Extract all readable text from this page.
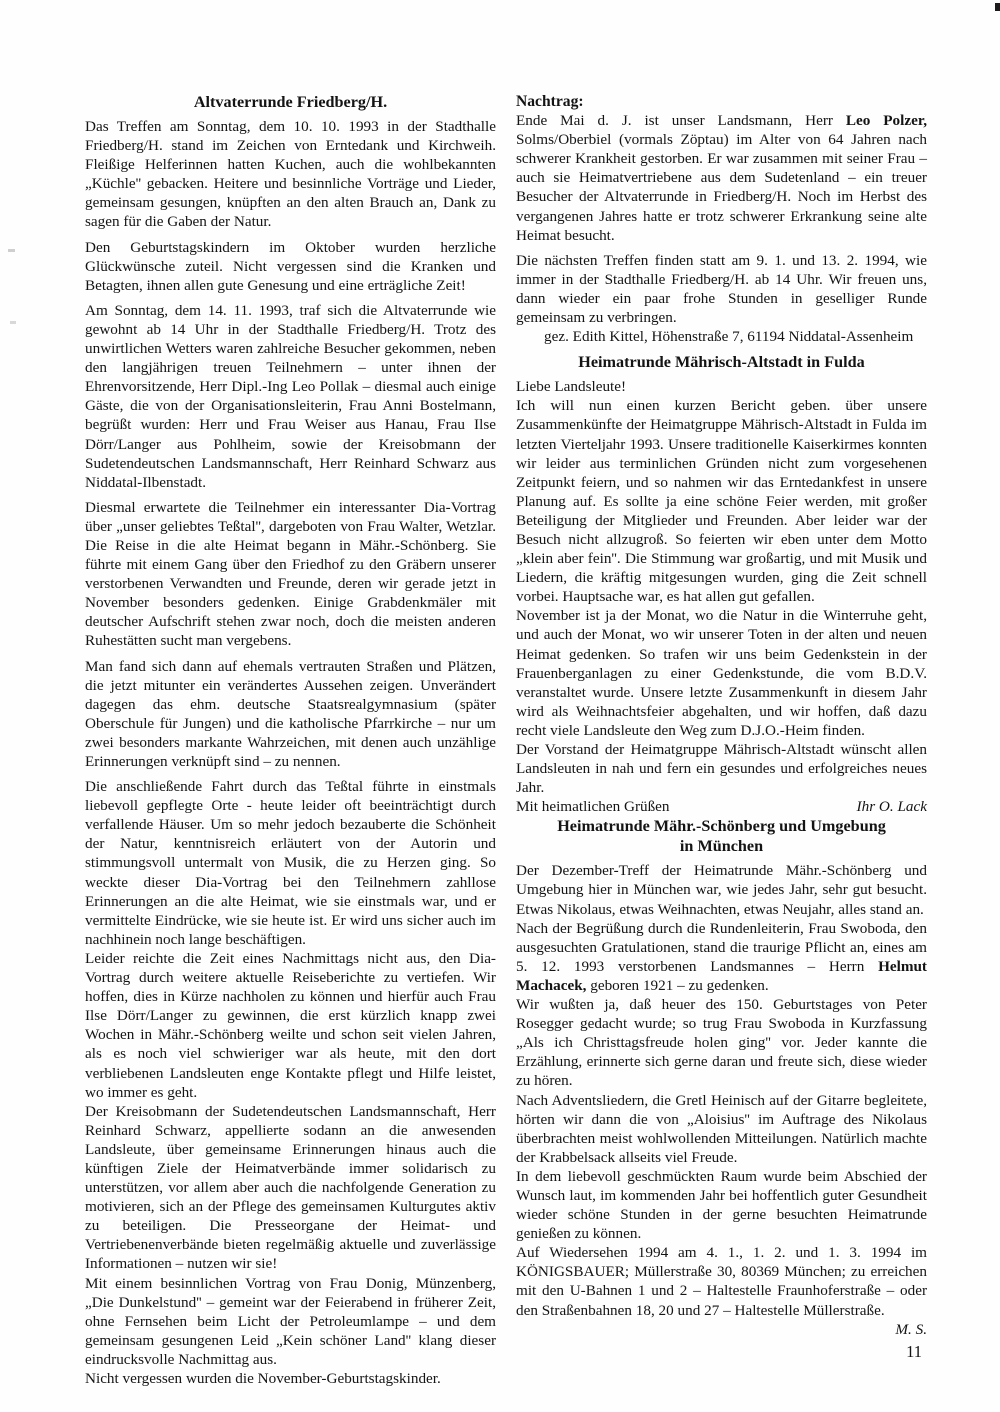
Altvaterrunde Friedberg/H.

Das Treffen am Sonntag, dem 10. 10. 1993 in der Stadthalle Friedberg/H. stand im Zeichen von Erntedank und Kirchweih. Fleißige Helferinnen hatten Kuchen, auch die wohlbekannten „Küchle'' gebacken. Heitere und besinnliche Vorträge und Lieder, gemeinsam gesungen, knüpften an den alten Brauch an, Dank zu sagen für die Gaben der Natur.

Den Geburtstagskindern im Oktober wurden herzliche Glückwünsche zuteil. Nicht vergessen sind die Kranken und Betagten, ihnen allen gute Genesung und eine erträgliche Zeit!

Am Sonntag, dem 14. 11. 1993, traf sich die Altvaterrunde wie gewohnt ab 14 Uhr in der Stadthalle Friedberg/H. Trotz des unwirtlichen Wetters waren zahlreiche Besucher gekommen, neben den langjährigen treuen Teilnehmern – unter ihnen der Ehrenvorsitzende, Herr Dipl.-Ing Leo Pollak – diesmal auch einige Gäste, die von der Organisationsleiterin, Frau Anni Bostelmann, begrüßt wurden: Herr und Frau Weiser aus Hanau, Frau Ilse Dörr/Langer aus Pohlheim, sowie der Kreisobmann der Sudetendeutschen Landsmannschaft, Herr Reinhard Schwarz aus Niddatal-Ilbenstadt.

Diesmal erwartete die Teilnehmer ein interessanter Dia-Vortrag über „unser geliebtes Teßtal'', dargeboten von Frau Walter, Wetzlar. Die Reise in die alte Heimat begann in Mähr.-Schönberg. Sie führte mit einem Gang über den Friedhof zu den Gräbern unserer verstorbenen Verwandten und Freunde, deren wir gerade jetzt in November besonders gedenken. Einige Grabdenkmäler mit deutscher Aufschrift stehen zwar noch, doch die meisten anderen Ruhestätten sucht man vergebens.

Man fand sich dann auf ehemals vertrauten Straßen und Plätzen, die jetzt mitunter ein verändertes Aussehen zeigen. Unverändert dagegen das ehm. deutsche Staatsrealgymnasium (später Oberschule für Jungen) und die katholische Pfarrkirche – nur um zwei besonders markante Wahrzeichen, mit denen auch unzählige Erinnerungen verknüpft sind – zu nennen.

Die anschließende Fahrt durch das Teßtal führte in einstmals liebevoll gepflegte Orte - heute leider oft beeinträchtigt durch verfallende Häuser. Um so mehr jedoch bezauberte die Schönheit der Natur, kenntnisreich erläutert von der Autorin und stimmungsvoll untermalt von Musik, die zu Herzen ging. So weckte dieser Dia-Vortrag bei den Teilnehmern zahllose Erinnerungen an die alte Heimat, wie sie einstmals war, und er vermittelte Eindrücke, wie sie heute ist. Er wird uns sicher auch im nachhinein noch lange beschäftigen.

Leider reichte die Zeit eines Nachmittags nicht aus, den Dia-Vortrag durch weitere aktuelle Reiseberichte zu vertiefen. Wir hoffen, dies in Kürze nachholen zu können und hierfür auch Frau Ilse Dörr/Langer zu gewinnen, die erst kürzlich knapp zwei Wochen in Mähr.-Schönberg weilte und schon seit vielen Jahren, als es noch viel schwieriger war als heute, mit den dort verbliebenen Landsleuten enge Kontakte pflegt und Hilfe leistet, wo immer es geht.

Der Kreisobmann der Sudetendeutschen Landsmannschaft, Herr Reinhard Schwarz, appellierte sodann an die anwesenden Landsleute, über gemeinsame Erinnerungen hinaus auch die künftigen Ziele der Heimatverbände immer solidarisch zu unterstützen, vor allem aber auch die nachfolgende Generation zu motivieren, sich an der Pflege des gemeinsamen Kulturgutes aktiv zu beteiligen. Die Presseorgane der Heimat- und Vertriebenenverbände bieten regelmäßig aktuelle und zuverlässige Informationen – nutzen wir sie!

Mit einem besinnlichen Vortrag von Frau Donig, Münzenberg, „Die Dunkelstund'' – gemeint war der Feierabend in früherer Zeit, ohne Fernsehen beim Licht der Petroleumlampe – und dem gemeinsam gesungenen Leid „Kein schöner Land'' klang dieser eindrucksvolle Nachmittag aus.

Nicht vergessen wurden die November-Geburtstagskinder.

Nachtrag:

Ende Mai d. J. ist unser Landsmann, Herr Leo Polzer, Solms/Oberbiel (vormals Zöptau) im Alter von 64 Jahren nach schwerer Krankheit gestorben. Er war zusammen mit seiner Frau – auch sie Heimatvertriebene aus dem Sudetenland – ein treuer Besucher der Altvaterrunde in Friedberg/H. Noch im Herbst des vergangenen Jahres hatte er trotz schwerer Erkrankung seine alte Heimat besucht.

Die nächsten Treffen finden statt am 9. 1. und 13. 2. 1994, wie immer in der Stadthalle Friedberg/H. ab 14 Uhr. Wir freuen uns, dann wieder ein paar frohe Stunden in geselliger Runde gemeinsam zu verbringen.

gez. Edith Kittel, Höhenstraße 7, 61194 Niddatal-Assenheim

Heimatrunde Mährisch-Altstadt in Fulda

Liebe Landsleute!

Ich will nun einen kurzen Bericht geben. über unsere Zusammenkünfte der Heimatgruppe Mährisch-Altstadt in Fulda im letzten Vierteljahr 1993. Unsere traditionelle Kaiserkirmes konnten wir leider aus terminlichen Gründen nicht zum vorgesehenen Zeitpunkt feiern, und so nahmen wir das Erntedankfest in unsere Planung auf. Es sollte ja eine schöne Feier werden, mit großer Beteiligung der Mitglieder und Freunden. Aber leider war der Besuch nicht allzugroß. So feierten wir eben unter dem Motto „klein aber fein''. Die Stimmung war großartig, und mit Musik und Liedern, die kräftig mitgesungen wurden, ging die Zeit schnell vorbei. Hauptsache war, es hat allen gut gefallen.

November ist ja der Monat, wo die Natur in die Winterruhe geht, und auch der Monat, wo wir unserer Toten in der alten und neuen Heimat gedenken. So trafen wir uns beim Gedenkstein in der Frauenberganlagen zu einer Gedenkstunde, die vom B.D.V. veranstaltet wurde. Unsere letzte Zusammenkunft in diesem Jahr wird als Weihnachtsfeier abgehalten, und wir hoffen, daß dazu recht viele Landsleute den Weg zum D.J.O.-Heim finden.

Der Vorstand der Heimatgruppe Mährisch-Altstadt wünscht allen Landsleuten in nah und fern ein gesundes und erfolgreiches neues Jahr.

Mit heimatlichen Grüßen	Ihr O. Lack

Heimatrunde Mähr.-Schönberg und Umgebung
in München

Der Dezember-Treff der Heimatrunde Mähr.-Schönberg und Umgebung hier in München war, wie jedes Jahr, sehr gut besucht. Etwas Nikolaus, etwas Weihnachten, etwas Neujahr, alles stand an.

Nach der Begrüßung durch die Rundenleiterin, Frau Swoboda, den ausgesuchten Gratulationen, stand die traurige Pflicht an, eines am 5. 12. 1993 verstorbenen Landsmannes – Herrn Helmut Machacek, geboren 1921 – zu gedenken.

Wir wußten ja, daß heuer des 150. Geburtstages von Peter Rosegger gedacht wurde; so trug Frau Swoboda in Kurzfassung „Als ich Christtagsfreude holen ging'' vor. Jeder kannte die Erzählung, erinnerte sich gerne daran und freute sich, diese wieder zu hören.

Nach Adventsliedern, die Gretl Heinisch auf der Gitarre begleitete, hörten wir dann die von „Aloisius'' im Auftrage des Nikolaus überbrachten meist wohlwollenden Mitteilungen. Natürlich machte der Krabbelsack allseits viel Freude.

In dem liebevoll geschmückten Raum wurde beim Abschied der Wunsch laut, im kommenden Jahr bei hoffentlich guter Gesundheit wieder schöne Stunden in der gerne besuchten Heimatrunde genießen zu können.

Auf Wiedersehen 1994 am 4. 1., 1. 2. und 1. 3. 1994 im KÖNIGSBAUER; Müllerstraße 30, 80369 München; zu erreichen mit den U-Bahnen 1 und 2 – Haltestelle Fraunhoferstraße – oder den Straßenbahnen 18, 20 und 27 – Haltestelle Müllerstraße.

M. S.

11
